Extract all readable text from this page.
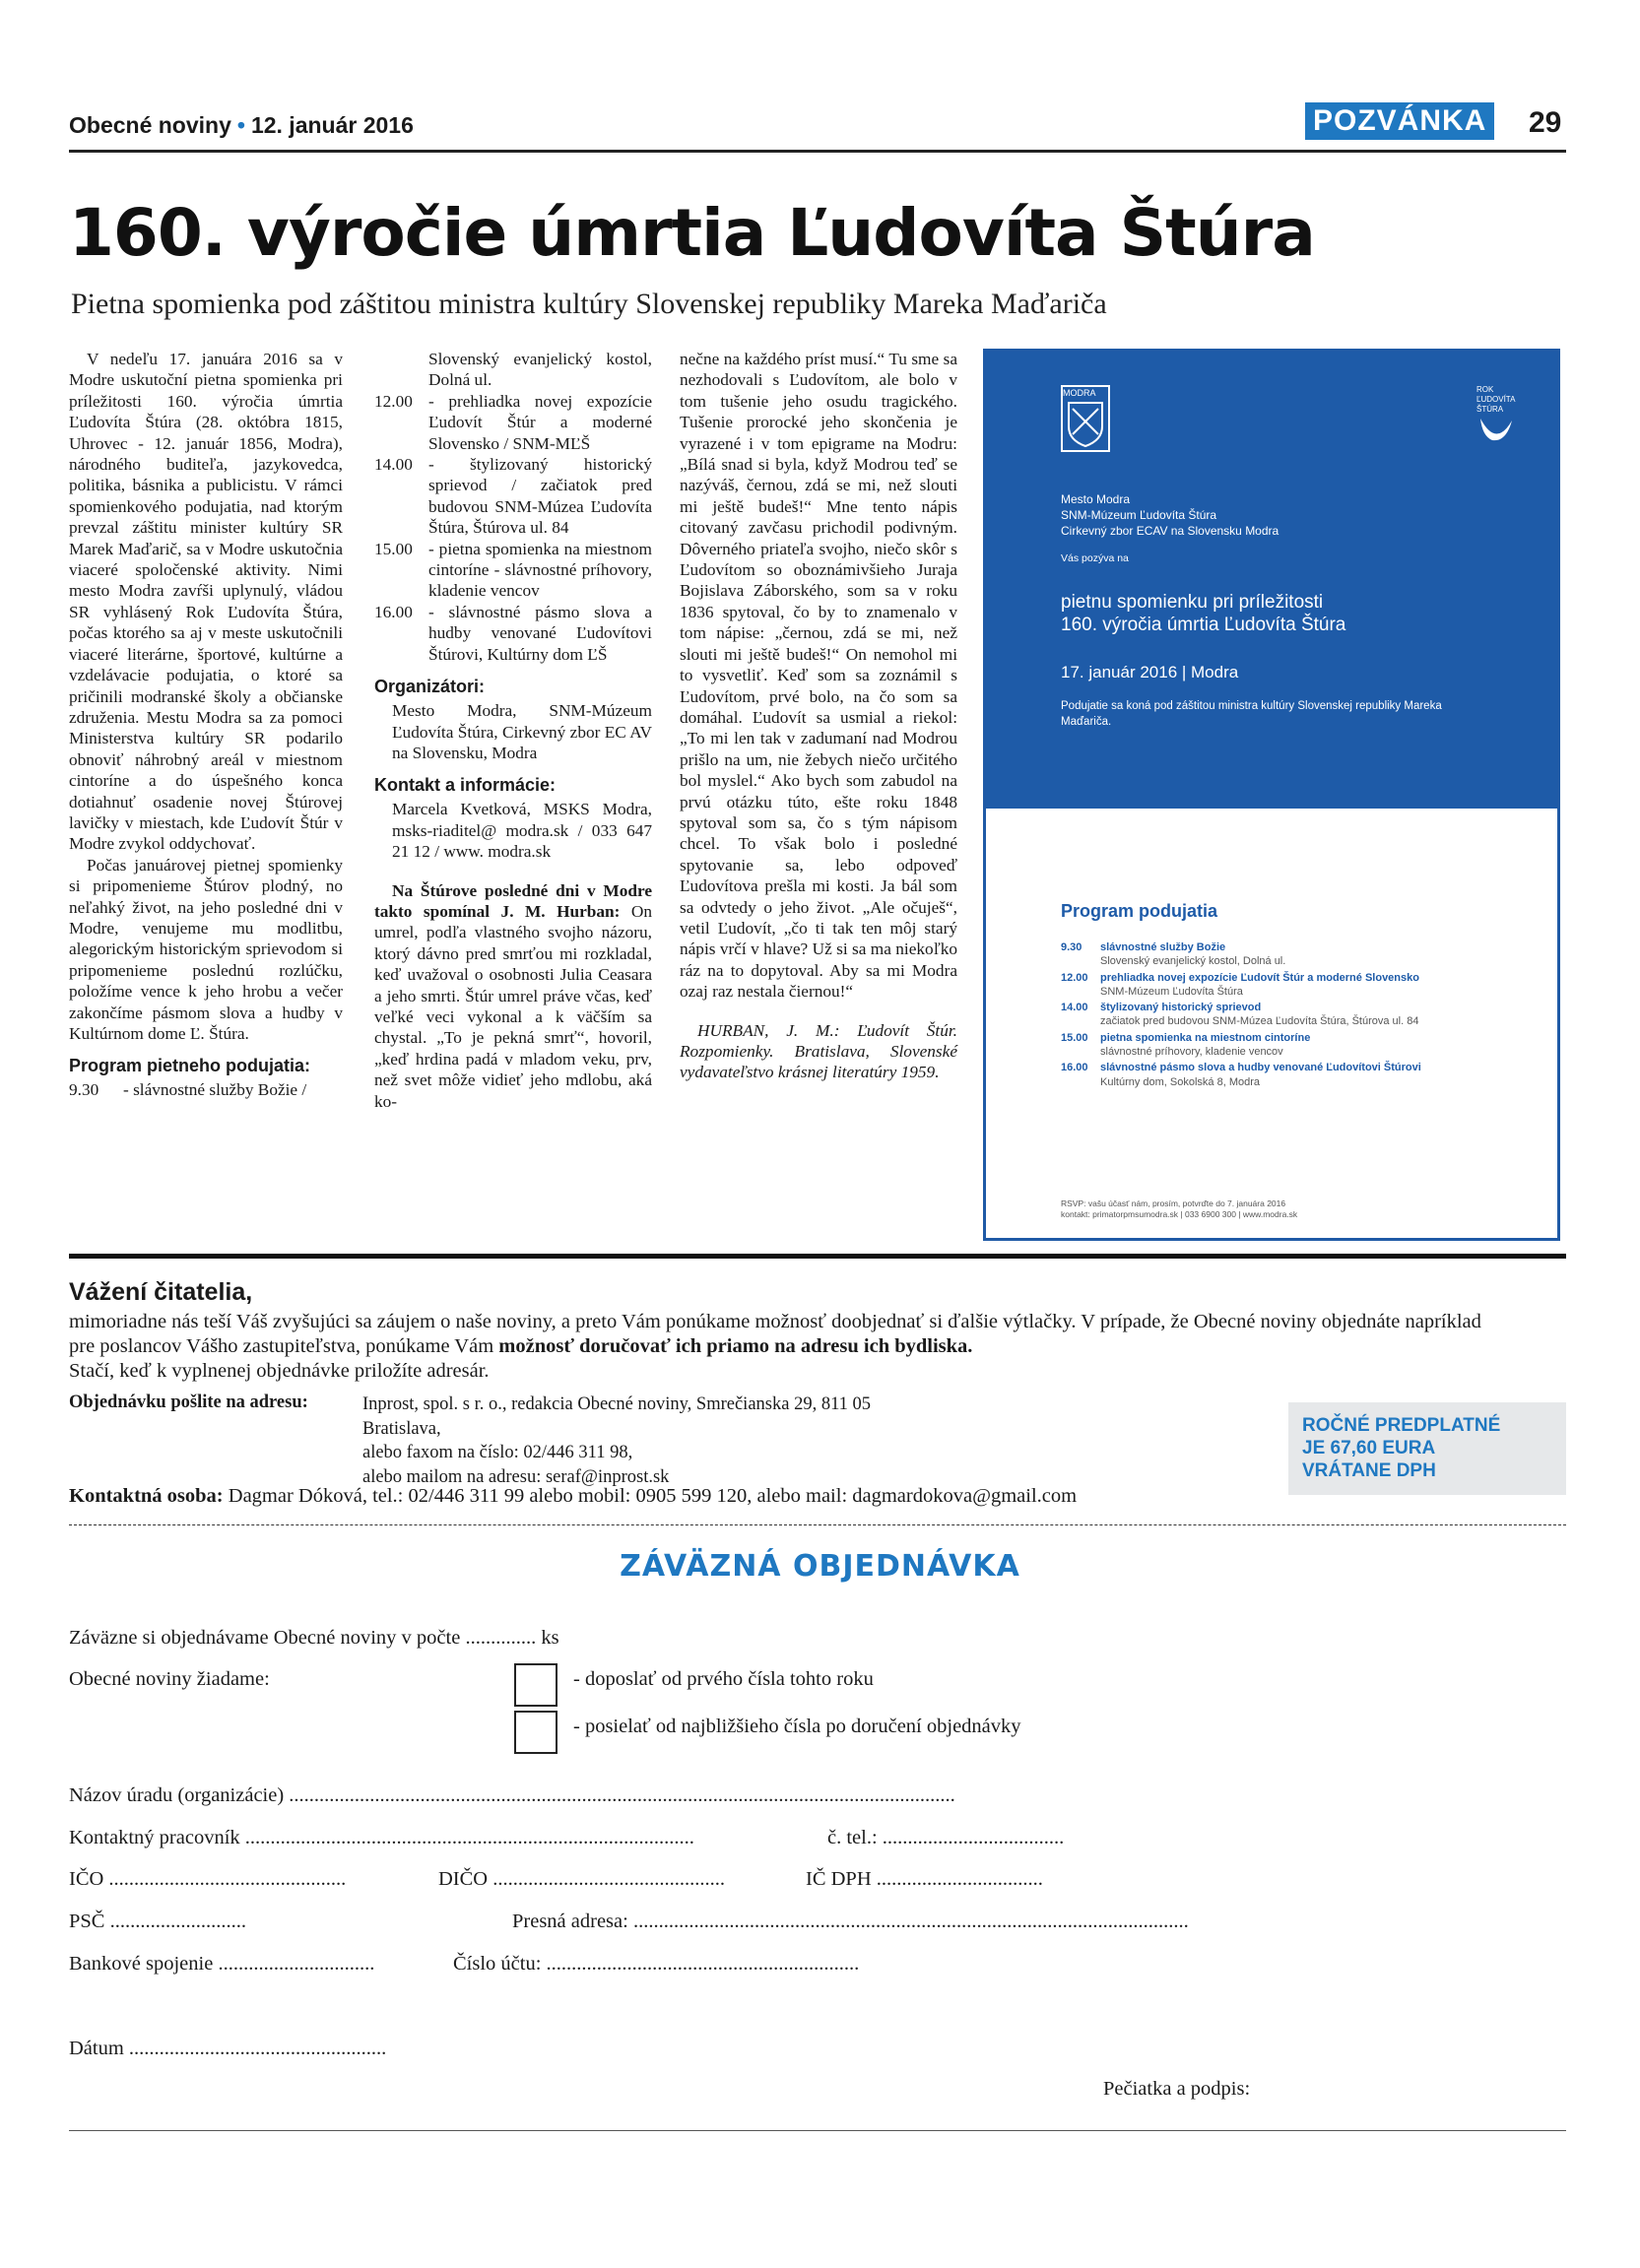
Obecné noviny • 12. január 2016	POZVÁNKA 29
160. výročie úmrtia Ľudovíta Štúra
Pietna spomienka pod záštitou ministra kultúry Slovenskej republiky Mareka Maďariča

V nedeľu 17. januára 2016 sa v Modre uskutoční pietna spomienka pri príležitosti 160. výročia úmrtia Ľudovíta Štúra (28. októbra 1815, Uhrovec - 12. január 1856, Modra), národného buditeľa, jazykovedca, politika, básnika a publicistu. V rámci spomienkového podujatia, nad ktorým prevzal záštitu minister kultúry SR Marek Maďarič, sa v Modre uskutočnia viaceré spoločenské aktivity. Nimi mesto Modra zavŕši uplynulý, vládou SR vyhlásený Rok Ľudovíta Štúra, počas ktorého sa aj v meste uskutočnili viaceré literárne, športové, kultúrne a vzdelávacie podujatia, o ktoré sa pričinili modranské školy a občianske združenia. Mestu Modra sa za pomoci Ministerstva kultúry SR podarilo obnoviť náhrobný areál v miestnom cintoríne a do úspešného konca dotiahnuť osadenie novej Štúrovej lavičky v miestach, kde Ľudovít Štúr v Modre zvykol oddychovať.

Počas januárovej pietnej spomienky si pripomenieme Štúrov plodný, no neľahký život, na jeho posledné dni v Modre, venujeme mu modlitbu, alegorickým historickým sprievodom si pripomenieme poslednú rozlúčku, položíme vence k jeho hrobu a večer zakončíme pásmom slova a hudby v Kultúrnom dome Ľ. Štúra.

Program pietneho podujatia:
9.30	- slávnostné služby Božie /

Slovenský evanjelický kostol, Dolná ul.

12.00 - prehliadka novej expozície Ľudovít Štúr a moderné Slovensko / SNM-MĽŠ
14.00 - štylizovaný historický sprievod / začiatok pred budovou SNM-Múzea Ľudovíta Štúra, Štúrova ul. 84
15.00 - pietna spomienka na miestnom cintoríne - slávnostné príhovory, kladenie vencov
16.00 - slávnostné pásmo slova a hudby venované Ľudovítovi Štúrovi, Kultúrny dom ĽŠ
Organizátori:

Mesto Modra, SNM-Múzeum Ľudovíta Štúra, Cirkevný zbor EC AV na Slovensku, Modra

Kontakt a informácie:

Marcela Kvetková, MSKS Modra, msks-riaditel@ modra.sk / 033 647 21 12 / www. modra.sk

Na Štúrove posledné dni v Modre takto spomínal J. M. Hurban: On umrel, podľa vlastného svojho názoru, ktorý dávno pred smrťou mi rozkladal, keď uvažoval o osobnosti Julia Ceasara a jeho smrti. Štúr umrel práve včas, keď veľké veci vykonal a k väčším sa chystal. „To je pekná smrť“, hovoril, „keď hrdina padá v mladom veku, prv, než svet môže vidieť jeho mdlobu, aká ko-

nečne na každého príst musí.“ Tu sme sa nezhodovali s Ľudovítom, ale bolo v tom tušenie jeho osudu tragického. Tušenie prorocké jeho skončenia je vyrazené i v tom epigrame na Modru: „Bílá snad si byla, když Modrou teď se nazýváš, černou, zdá se mi, než slouti mi ještě budeš!“ Mne tento nápis citovaný zavčasu prichodil podivným. Dôverného priateľa svojho, niečo skôr s Ľudovítom so oboznámivšieho Juraja Bojislava Záborského, som sa v roku 1836 spytoval, čo by to znamenalo v tom nápise: „černou, zdá se mi, než slouti mi ještě budeš!“ On nemohol mi to vysvetliť. Keď som sa zoznámil s Ľudovítom, prvé bolo, na čo som sa domáhal. Ľudovít sa usmial a riekol: „To mi len tak v zadumaní nad Modrou prišlo na um, nie žebych niečo určitého bol myslel.“ Ako bych som zabudol na prvú otázku túto, ešte roku 1848 spytoval som sa, čo s tým nápisom chcel. To však bolo i posledné spytovanie sa, lebo odpoveď Ľudovítova prešla mi kosti. Ja bál som sa odvtedy o jeho život. „Ale očuješ“, vetil Ľudovít, „čo ti tak ten môj starý nápis vrčí v hlave? Už si sa ma niekoľko ráz na to dopytoval. Aby sa mi Modra ozaj raz nestala čiernou!“

HURBAN, J. M.: Ľudovít Štúr. Rozpomienky. Bratislava, Slovenské vydavateľstvo krásnej literatúry 1959.

MODRA	ROK
ĽUDOVÍTA
ŠTÚRA
Mesto Modra
SNM-Múzeum Ľudovíta Štúra
Cirkevný zbor ECAV na Slovensku Modra
Vás pozýva na
pietnu spomienku pri príležitosti
160. výročia úmrtia Ľudovíta Štúra
17. január 2016 | Modra
Podujatie sa koná pod záštitou ministra kultúry Slovenskej republiky Mareka Maďariča.
Program podujatia
9.30	slávnostné služby Božie
Slovenský evanjelický kostol, Dolná ul.
12.00	prehliadka novej expozície Ľudovít Štúr a moderné Slovensko
SNM-Múzeum Ľudovíta Štúra
14.00	štylizovaný historický sprievod
začiatok pred budovou SNM-Múzea Ľudovíta Štúra, Štúrova ul. 84
15.00	pietna spomienka na miestnom cintoríne
slávnostné príhovory, kladenie vencov
16.00	slávnostné pásmo slova a hudby venované Ľudovítovi Štúrovi
Kultúrny dom, Sokolská 8, Modra
RSVP: vašu účasť nám, prosím, potvrďte do 7. januára 2016
kontakt: primatorpmsumodra.sk | 033 6900 300 | www.modra.sk
Vážení čitatelia,
mimoriadne nás teší Váš zvyšujúci sa záujem o naše noviny, a preto Vám ponúkame možnosť doobjednať si ďalšie výtlačky. V prípade, že Obecné noviny objednáte napríklad pre poslancov Vášho zastupiteľstva, ponúkame Vám možnosť doručovať ich priamo na adresu ich bydliska.
Stačí, keď k vyplnenej objednávke priložíte adresár.
Objednávku pošlite na adresu:	Inprost, spol. s r. o., redakcia Obecné noviny, Smrečianska 29, 811 05 Bratislava,
alebo faxom na číslo: 02/446 311 98,
alebo mailom na adresu: seraf@inprost.sk
Kontaktná osoba: Dagmar Dóková, tel.: 02/446 311 99 alebo mobil: 0905 599 120, alebo mail: dagmardokova@gmail.com
ROČNÉ PREDPLATNÉ
JE 67,60 EURA
VRÁTANE DPH
ZÁVÄZNÁ OBJEDNÁVKA
Záväzne si objednávame Obecné noviny v počte .............. ks
Obecné noviny žiadame:	- doposlať od prvého čísla tohto roku
- posielať od najbližšieho čísla po doručení objednávky
Názov úradu (organizácie) ....................................................................................................................................
Kontaktný pracovník .........................................................................................	č. tel.: ....................................
IČO ...............................................	DIČO ..............................................	IČ DPH .................................
PSČ ...........................	Presná adresa: ..............................................................................................................
Bankové spojenie ...............................	Číslo účtu: ..............................................................
Dátum ...................................................
Pečiatka a podpis:
